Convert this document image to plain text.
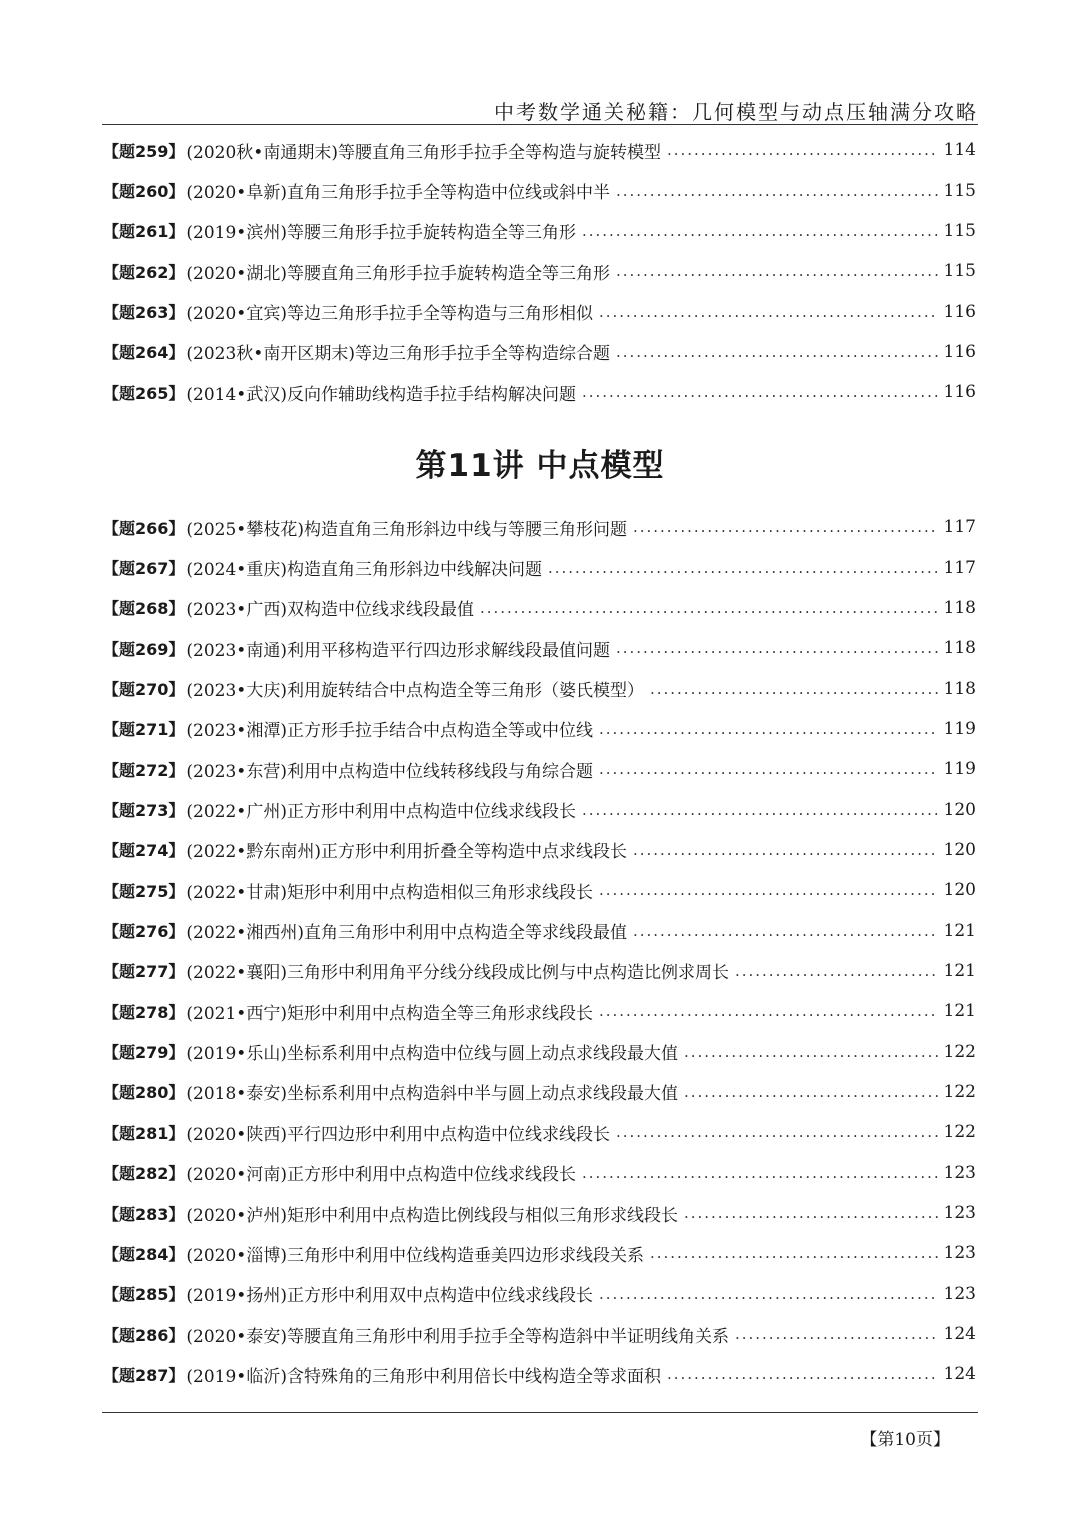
中考数学通关秘籍：几何模型与动点压轴满分攻略
【题259】 (2020秋•南通期末) 等腰直角三角形手拉手全等构造与旋转模型 .....	114
【题260】 (2020•阜新) 直角三角形手拉手全等构造中位线或斜中半 .....	115
【题261】 (2019•滨州) 等腰三角形手拉手旋转构造全等三角形 .....	115
【题262】 (2020•湖北) 等腰直角三角形手拉手旋转构造全等三角形 .....	115
【题263】 (2020•宜宾) 等边三角形手拉手全等构造与三角形相似 .....	116
【题264】 (2023秋•南开区期末) 等边三角形手拉手全等构造综合题 .....	116
【题265】 (2014•武汉) 反向作辅助线构造手拉手结构解决问题 .....	116
第11讲 中点模型
【题266】 (2025•攀枝花) 构造直角三角形斜边中线与等腰三角形问题 .....	117
【题267】 (2024•重庆) 构造直角三角形斜边中线解决问题 .....	117
【题268】 (2023•广西) 双构造中位线求线段最值 .....	118
【题269】 (2023•南通) 利用平移构造平行四边形求解线段最值问题 .....	118
【题270】 (2023•大庆) 利用旋转结合中点构造全等三角形（婆氏模型） .....	118
【题271】 (2023•湘潭) 正方形手拉手结合中点构造全等或中位线 .....	119
【题272】 (2023•东营) 利用中点构造中位线转移线段与角综合题 .....	119
【题273】 (2022•广州) 正方形中利用中点构造中位线求线段长 .....	120
【题274】 (2022•黔东南州) 正方形中利用折叠全等构造中点求线段长 .....	120
【题275】 (2022•甘肃) 矩形中利用中点构造相似三角形求线段长 .....	120
【题276】 (2022•湘西州) 直角三角形中利用中点构造全等求线段最值 .....	121
【题277】 (2022•襄阳) 三角形中利用角平分线分线段成比例与中点构造比例求周长 .....	121
【题278】 (2021•西宁) 矩形中利用中点构造全等三角形求线段长 .....	121
【题279】 (2019•乐山) 坐标系利用中点构造中位线与圆上动点求线段最大值 .....	122
【题280】 (2018•泰安) 坐标系利用中点构造斜中半与圆上动点求线段最大值 .....	122
【题281】 (2020•陕西) 平行四边形中利用中点构造中位线求线段长 .....	122
【题282】 (2020•河南) 正方形中利用中点构造中位线求线段长 .....	123
【题283】 (2020•泸州) 矩形中利用中点构造比例线段与相似三角形求线段长 .....	123
【题284】 (2020•淄博) 三角形中利用中位线构造垂美四边形求线段关系 .....	123
【题285】 (2019•扬州) 正方形中利用双中点构造中位线求线段长 .....	123
【题286】 (2020•泰安) 等腰直角三角形中利用手拉手全等构造斜中半证明线角关系 .....	124
【题287】 (2019•临沂) 含特殊角的三角形中利用倍长中线构造全等求面积 .....	124
【第10页】
